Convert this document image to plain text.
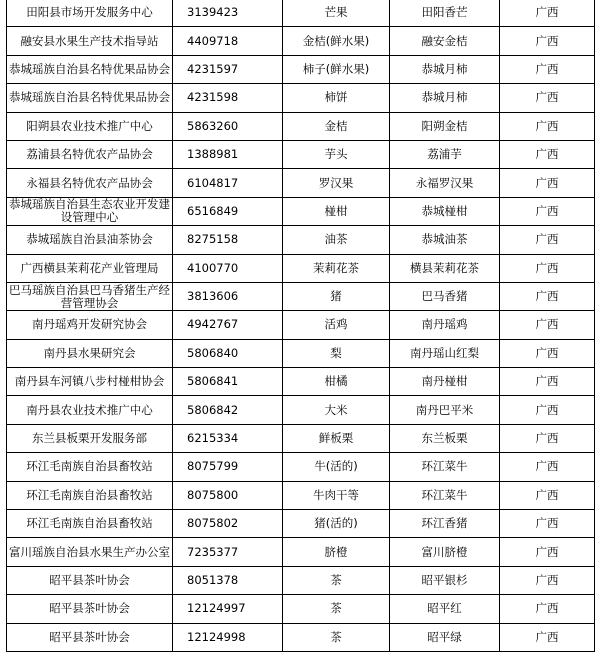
田阳县市场开发服务中心	3139423	芒果	田阳香芒	广西
融安县水果生产技术指导站	4409718	金桔(鲜水果)	融安金桔	广西
恭城瑶族自治县名特优果品协会	4231597	柿子(鲜水果)	恭城月柿	广西
恭城瑶族自治县名特优果品协会	4231598	柿饼	恭城月柿	广西
阳朔县农业技术推广中心	5863260	金桔	阳朔金桔	广西
荔浦县名特优农产品协会	1388981	芋头	荔浦芋	广西
永福县名特优农产品协会	6104817	罗汉果	永福罗汉果	广西
恭城瑶族自治县生态农业开发建设管理中心	6516849	椪柑	恭城椪柑	广西
恭城瑶族自治县油茶协会	8275158	油茶	恭城油茶	广西
广西横县茉莉花产业管理局	4100770	茉莉花茶	横县茉莉花茶	广西
巴马瑶族自治县巴马香猪生产经营管理协会	3813606	猪	巴马香猪	广西
南丹瑶鸡开发研究协会	4942767	活鸡	南丹瑶鸡	广西
南丹县水果研究会	5806840	梨	南丹瑶山红梨	广西
南丹县车河镇八步村椪柑协会	5806841	柑橘	南丹椪柑	广西
南丹县农业技术推广中心	5806842	大米	南丹巴平米	广西
东兰县板栗开发服务部	6215334	鲜板栗	东兰板栗	广西
环江毛南族自治县畜牧站	8075799	牛(活的)	环江菜牛	广西
环江毛南族自治县畜牧站	8075800	牛肉干等	环江菜牛	广西
环江毛南族自治县畜牧站	8075802	猪(活的)	环江香猪	广西
富川瑶族自治县水果生产办公室	7235377	脐橙	富川脐橙	广西
昭平县茶叶协会	8051378	茶	昭平银杉	广西
昭平县茶叶协会	12124997	茶	昭平红	广西
昭平县茶叶协会	12124998	茶	昭平绿	广西
